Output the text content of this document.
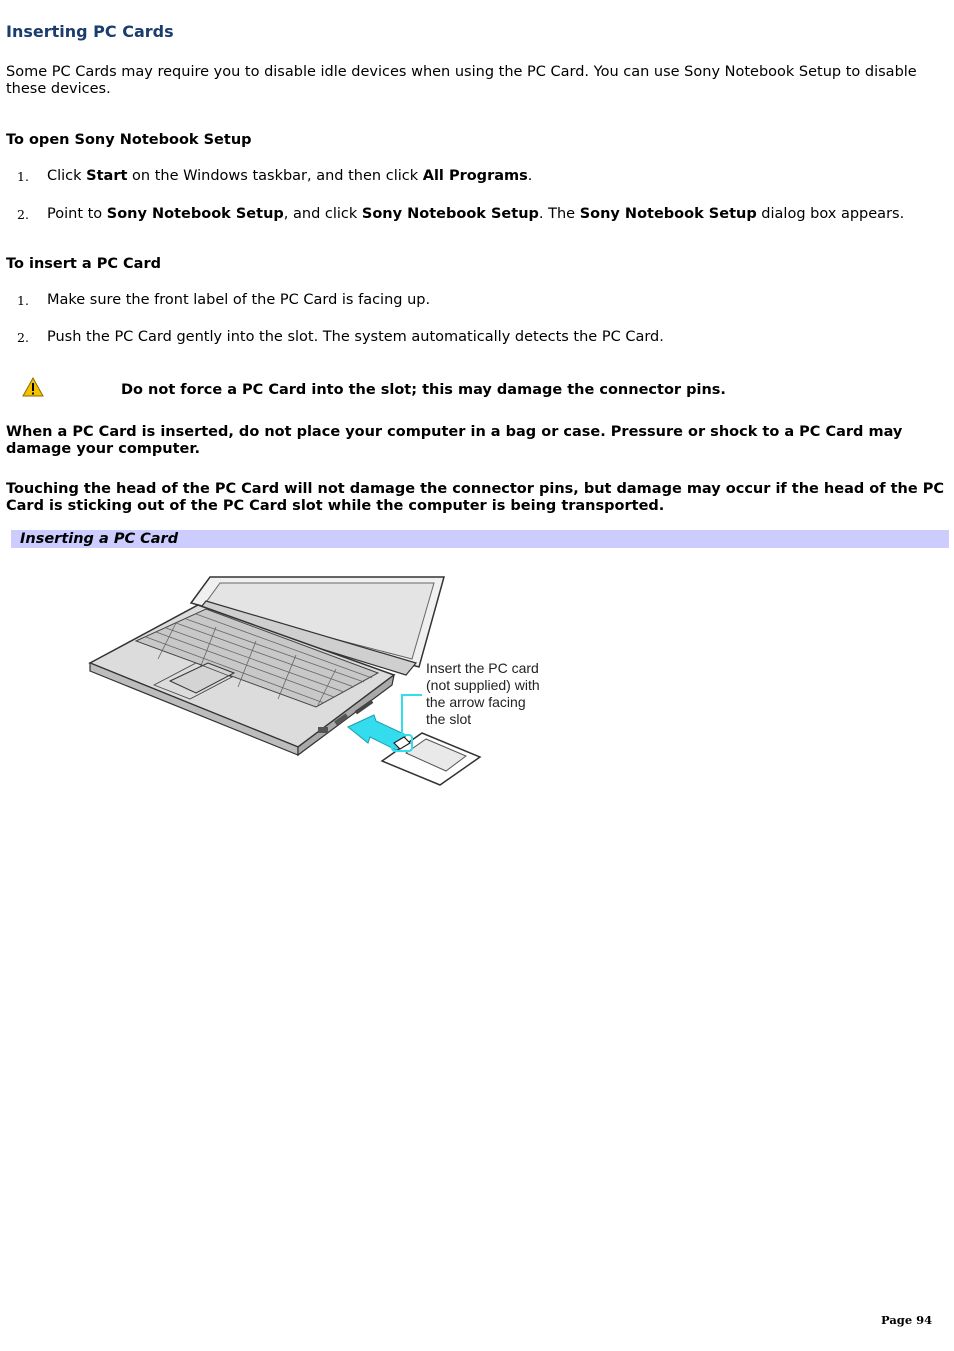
Inserting PC Cards

Some PC Cards may require you to disable idle devices when using the PC Card. You can use Sony Notebook Setup to disable these devices.

To open Sony Notebook Setup

1. Click Start on the Windows taskbar, and then click All Programs.
2. Point to Sony Notebook Setup, and click Sony Notebook Setup. The Sony Notebook Setup dialog box appears.

To insert a PC Card

1. Make sure the front label of the PC Card is facing up.
2. Push the PC Card gently into the slot. The system automatically detects the PC Card.

Do not force a PC Card into the slot; this may damage the connector pins.

When a PC Card is inserted, do not place your computer in a bag or case. Pressure or shock to a PC Card may damage your computer.

Touching the head of the PC Card will not damage the connector pins, but damage may occur if the head of the PC Card is sticking out of the PC Card slot while the computer is being transported.

Inserting a PC Card
Insert the PC card
(not supplied) with
the arrow facing
the slot
Page 94
